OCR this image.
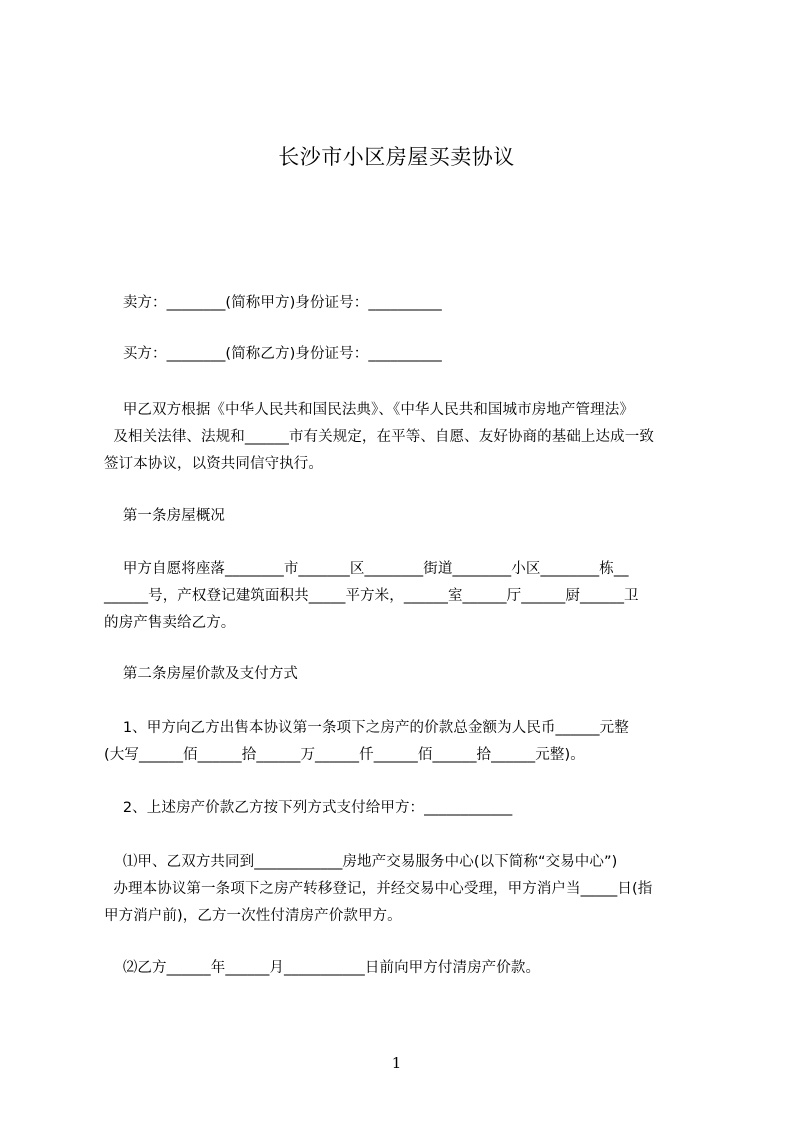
长沙市小区房屋买卖协议
卖方：________(简称甲方)身份证号：__________
买方：________(简称乙方)身份证号：__________
甲乙双方根据《中华人民共和国民法典》、《中华人民共和国城市房地产管理法》
及相关法律、法规和______市有关规定，在平等、自愿、友好协商的基础上达成一致
签订本协议，以资共同信守执行。
第一条房屋概况
甲方自愿将座落________市_______区________街道________小区________栋__
______号，产权登记建筑面积共_____平方米，______室______厅______厨______卫
的房产售卖给乙方。
第二条房屋价款及支付方式
1、甲方向乙方出售本协议第一条项下之房产的价款总金额为人民币______元整
(大写______佰______拾______万______仟______佰______拾______元整)。
2、上述房产价款乙方按下列方式支付给甲方：____________
⑴甲、乙双方共同到____________房地产交易服务中心(以下简称“交易中心”)
办理本协议第一条项下之房产转移登记，并经交易中心受理，甲方消户当_____日(指
甲方消户前)，乙方一次性付清房产价款甲方。
⑵乙方______年______月___________日前向甲方付清房产价款。
1
